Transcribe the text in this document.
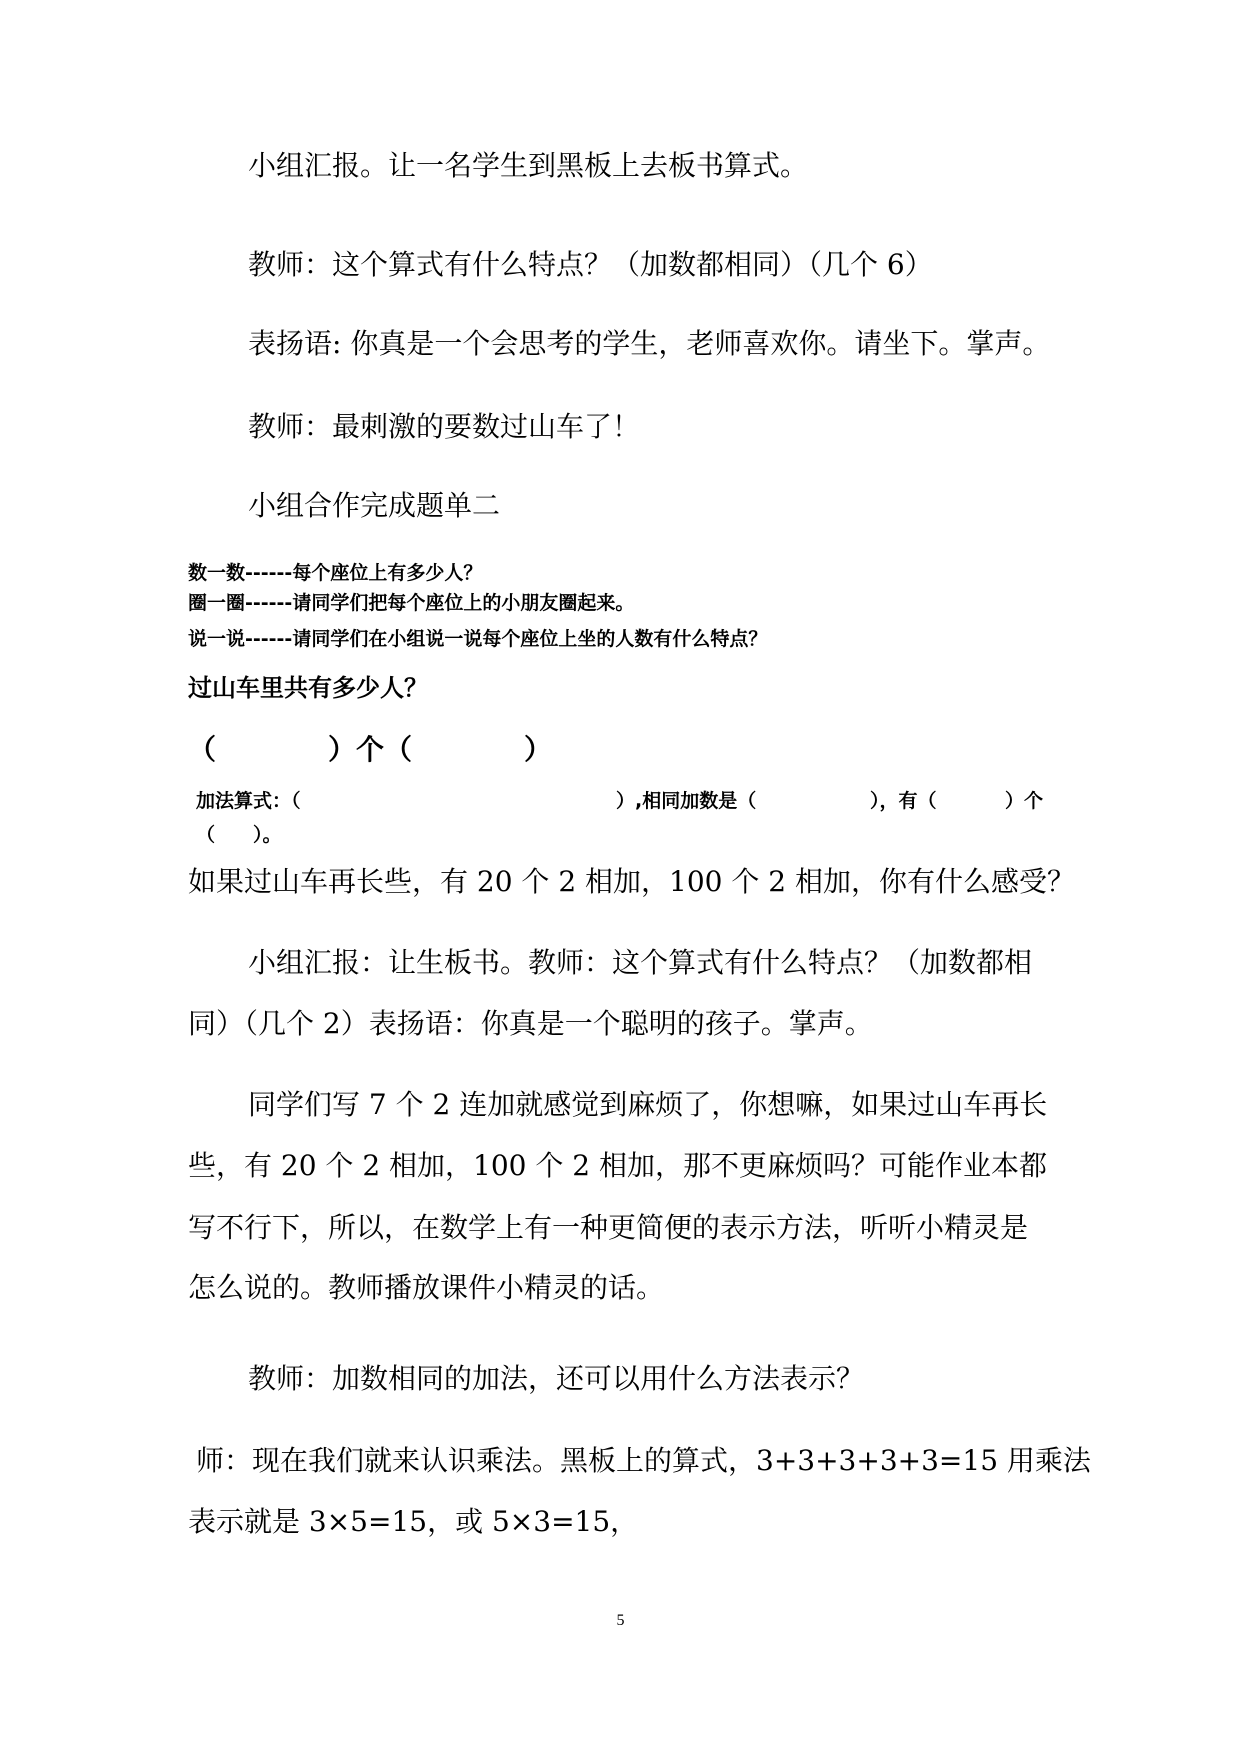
小组汇报。让一名学生到黑板上去板书算式。
教师：这个算式有什么特点？（加数都相同）（几个 6）
表扬语: 你真是一个会思考的学生，老师喜欢你。请坐下。掌声。
教师：最刺激的要数过山车了！
小组合作完成题单二
数一数------每个座位上有多少人？
圈一圈------请同学们把每个座位上的小朋友圈起来。
说一说------请同学们在小组说一说每个座位上坐的人数有什么特点？
过山车里共有多少人？
（　　　　）个（　　　　）
加法算式：（	）,相同加数是（	），有（	）个
（　　）。
如果过山车再长些，有 20 个 2 相加，100 个 2 相加，你有什么感受？
小组汇报：让生板书。教师：这个算式有什么特点？（加数都相
同）（几个 2）表扬语：你真是一个聪明的孩子。掌声。
同学们写 7 个 2 连加就感觉到麻烦了，你想嘛，如果过山车再长
些，有 20 个 2 相加，100 个 2 相加，那不更麻烦吗？可能作业本都
写不行下，所以，在数学上有一种更简便的表示方法，听听小精灵是
怎么说的。教师播放课件小精灵的话。
教师：加数相同的加法，还可以用什么方法表示？
师：现在我们就来认识乘法。黑板上的算式，3+3+3+3+3=15 用乘法
表示就是 3×5=15，或 5×3=15，
5
